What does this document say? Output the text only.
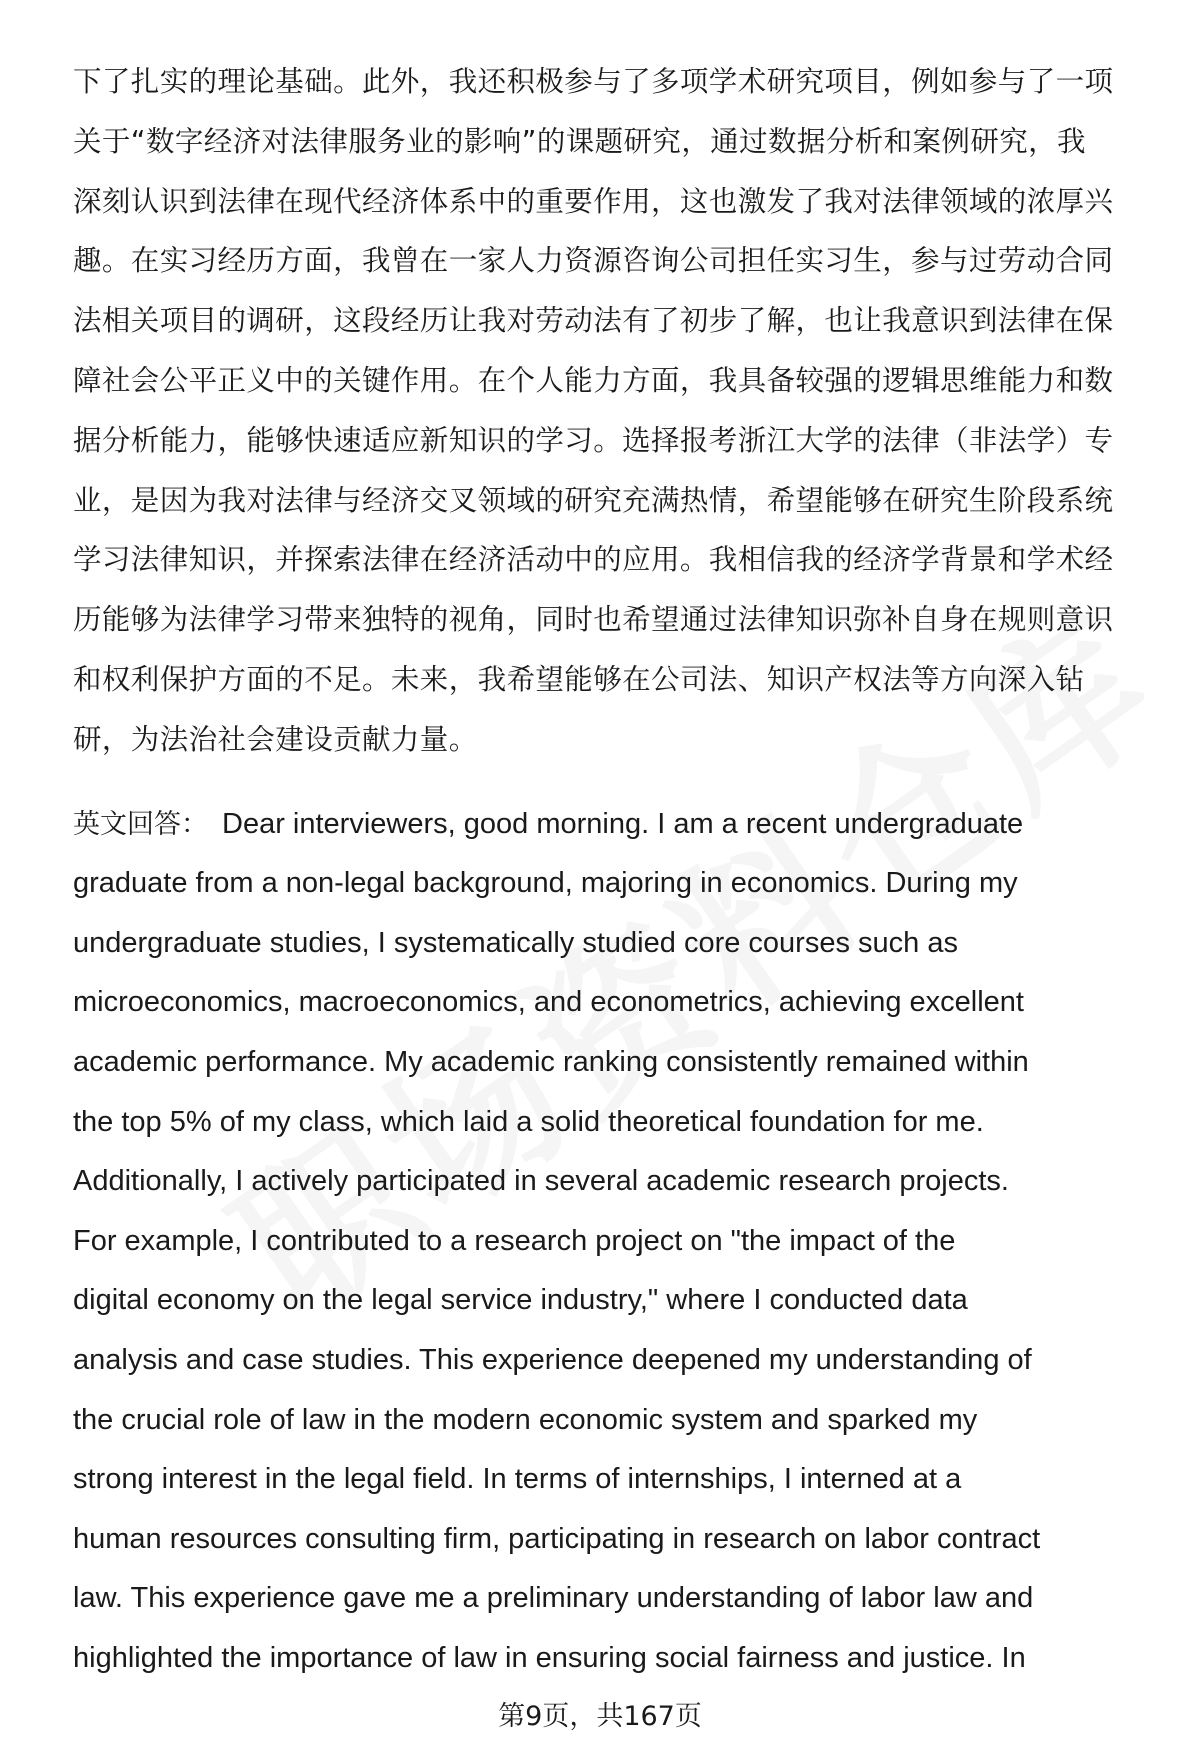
下了扎实的理论基础。此外，我还积极参与了多项学术研究项目，例如参与了一项
关于“数字经济对法律服务业的影响”的课题研究，通过数据分析和案例研究，我
深刻认识到法律在现代经济体系中的重要作用，这也激发了我对法律领域的浓厚兴
趣。在实习经历方面，我曾在一家人力资源咨询公司担任实习生，参与过劳动合同
法相关项目的调研，这段经历让我对劳动法有了初步了解，也让我意识到法律在保
障社会公平正义中的关键作用。在个人能力方面，我具备较强的逻辑思维能力和数
据分析能力，能够快速适应新知识的学习。选择报考浙江大学的法律（非法学）专
业，是因为我对法律与经济交叉领域的研究充满热情，希望能够在研究生阶段系统
学习法律知识，并探索法律在经济活动中的应用。我相信我的经济学背景和学术经
历能够为法律学习带来独特的视角，同时也希望通过法律知识弥补自身在规则意识
和权利保护方面的不足。未来，我希望能够在公司法、知识产权法等方向深入钻
研，为法治社会建设贡献力量。
英文回答： Dear interviewers, good morning. I am a recent undergraduate
graduate from a non-legal background, majoring in economics. During my
undergraduate studies, I systematically studied core courses such as
microeconomics, macroeconomics, and econometrics, achieving excellent
academic performance. My academic ranking consistently remained within
the top 5% of my class, which laid a solid theoretical foundation for me.
Additionally, I actively participated in several academic research projects.
For example, I contributed to a research project on "the impact of the
digital economy on the legal service industry," where I conducted data
analysis and case studies. This experience deepened my understanding of
the crucial role of law in the modern economic system and sparked my
strong interest in the legal field. In terms of internships, I interned at a
human resources consulting firm, participating in research on labor contract
law. This experience gave me a preliminary understanding of labor law and
highlighted the importance of law in ensuring social fairness and justice. In
第9页，共167页
